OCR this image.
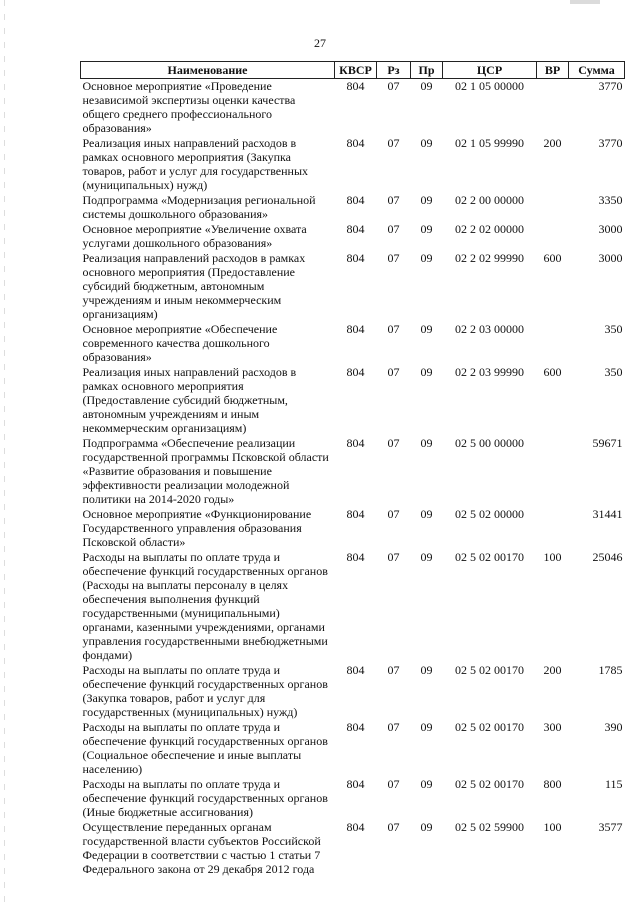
27
Наименование	КВСР	Рз	Пр	ЦСР	ВР	Сумма
Основное мероприятие «Проведение независимой экспертизы оценки качества общего среднего профессионального образования»	804	07	09	02 1 05 00000		3770
Реализация иных направлений расходов в рамках основного мероприятия (Закупка товаров, работ и услуг для государственных (муниципальных) нужд)	804	07	09	02 1 05 99990	200	3770
Подпрограмма «Модернизация региональной системы дошкольного образования»	804	07	09	02 2 00 00000		3350
Основное мероприятие «Увеличение охвата услугами дошкольного образования»	804	07	09	02 2 02 00000		3000
Реализация направлений расходов в рамках основного мероприятия (Предоставление субсидий бюджетным, автономным учреждениям и иным некоммерческим организациям)	804	07	09	02 2 02 99990	600	3000
Основное мероприятие «Обеспечение современного качества дошкольного образования»	804	07	09	02 2 03 00000		350
Реализация иных направлений расходов в рамках основного мероприятия (Предоставление субсидий бюджетным, автономным учреждениям и иным некоммерческим организациям)	804	07	09	02 2 03 99990	600	350
Подпрограмма «Обеспечение реализации государственной программы Псковской области «Развитие образования и повышение эффективности реализации молодежной политики на 2014-2020 годы»	804	07	09	02 5 00 00000		59671
Основное мероприятие «Функционирование Государственного управления образования Псковской области»	804	07	09	02 5 02 00000		31441
Расходы на выплаты по оплате труда и обеспечение функций государственных органов (Расходы на выплаты персоналу в целях обеспечения выполнения функций государственными (муниципальными) органами, казенными учреждениями, органами управления государственными внебюджетными фондами)	804	07	09	02 5 02 00170	100	25046
Расходы на выплаты по оплате труда и обеспечение функций государственных органов (Закупка товаров, работ и услуг для государственных (муниципальных) нужд)	804	07	09	02 5 02 00170	200	1785
Расходы на выплаты по оплате труда и обеспечение функций государственных органов (Социальное обеспечение и иные выплаты населению)	804	07	09	02 5 02 00170	300	390
Расходы на выплаты по оплате труда и обеспечение функций государственных органов (Иные бюджетные ассигнования)	804	07	09	02 5 02 00170	800	115
Осуществление переданных органам государственной власти субъектов Российской Федерации в соответствии с частью 1 статьи 7 Федерального закона от 29 декабря 2012 года	804	07	09	02 5 02 59900	100	3577
